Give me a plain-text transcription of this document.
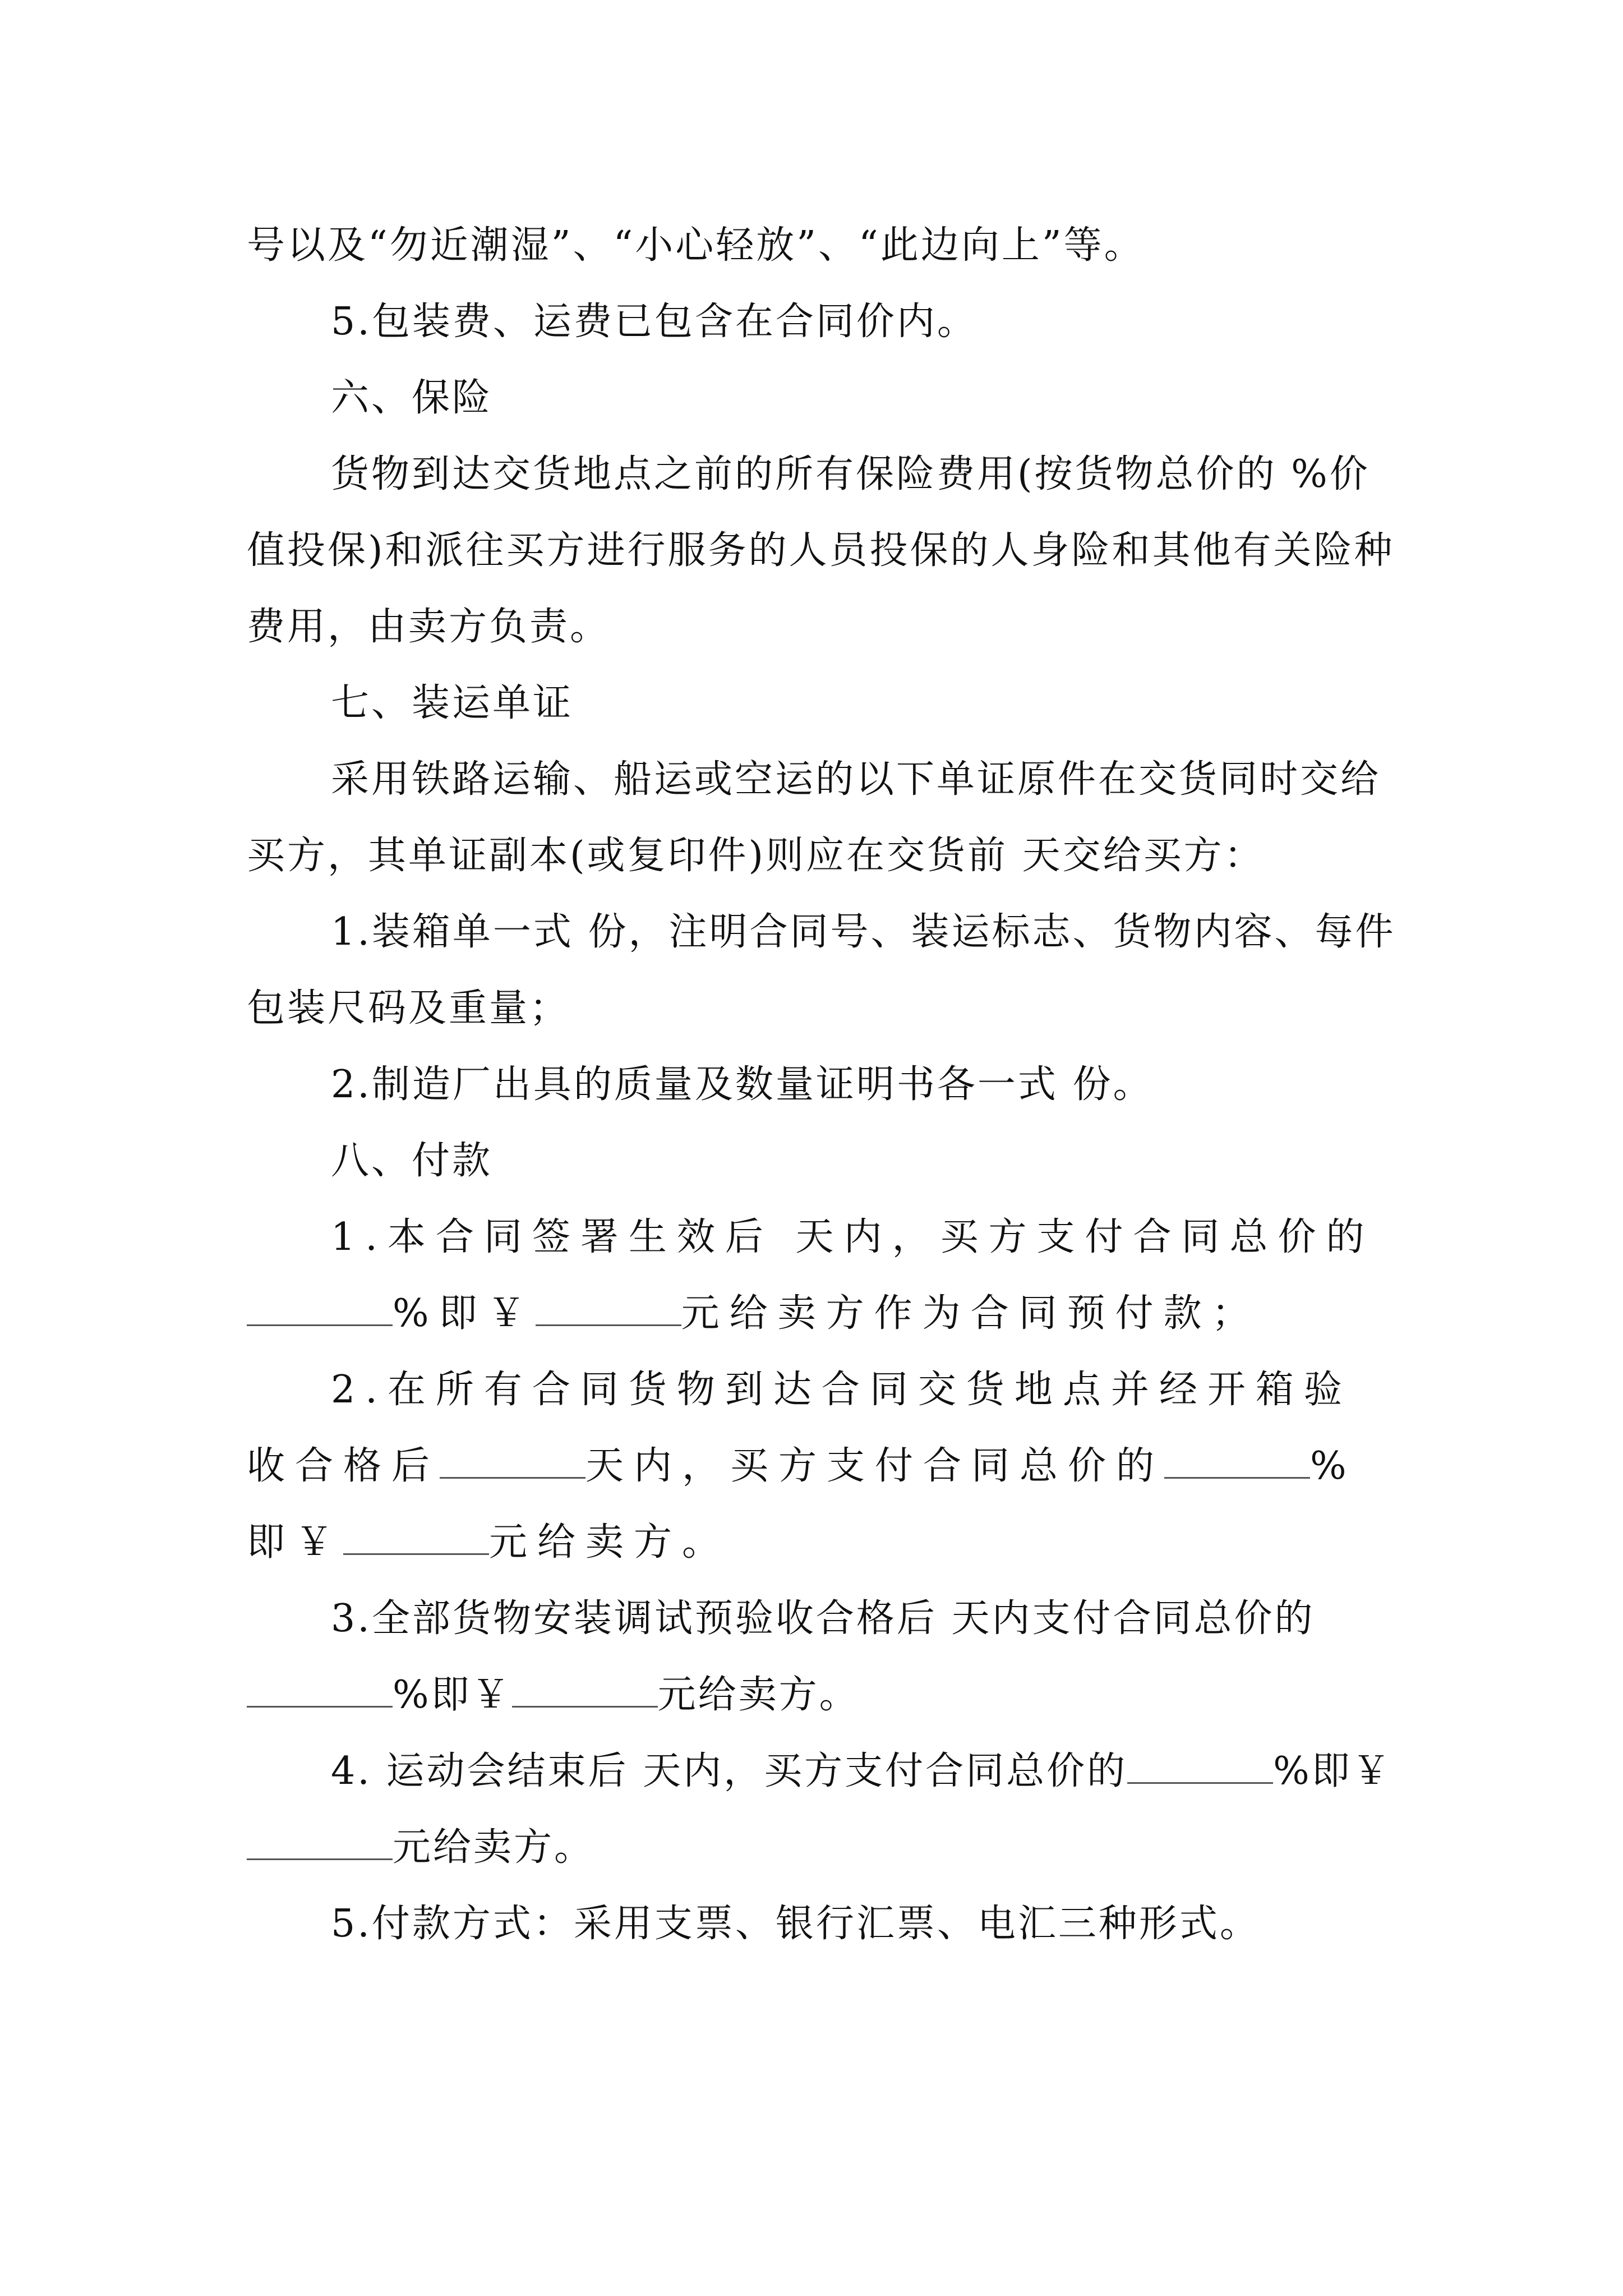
号以及“勿近潮湿”、“小心轻放”、“此边向上”等。

5.包装费、运费已包含在合同价内。

六、保险

货物到达交货地点之前的所有保险费用(按货物总价的 %价值投保)和派往买方进行服务的人员投保的人身险和其他有关险种费用，由卖方负责。

七、装运单证

采用铁路运输、船运或空运的以下单证原件在交货同时交给买方，其单证副本(或复印件)则应在交货前 天交给买方：

1.装箱单一式 份，注明合同号、装运标志、货物内容、每件包装尺码及重量；

2.制造厂出具的质量及数量证明书各一式 份。

八、付款

1.本合同签署生效后 天内，买方支付合同总价的%即￥	元给卖方作为合同预付款；

2.在所有合同货物到达合同交货地点并经开箱验收合格后	天内，买方支付合同总价的	%即￥	元给卖方。

3.全部货物安装调试预验收合格后 天内支付合同总价的%即￥	元给卖方。

4. 运动会结束后 天内，买方支付合同总价的	%即￥元给卖方。

5.付款方式：采用支票、银行汇票、电汇三种形式。
